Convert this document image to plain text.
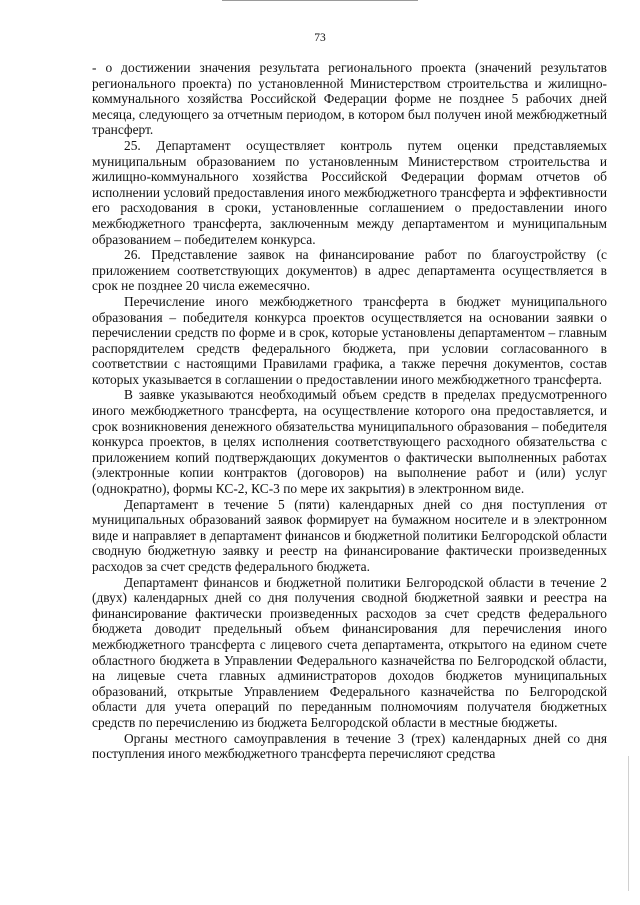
73

- о достижении значения результата регионального проекта (значений результатов регионального проекта) по установленной Министерством строительства и жилищно-коммунального хозяйства Российской Федерации форме не позднее 5 рабочих дней месяца, следующего за отчетным периодом, в котором был получен иной межбюджетный трансферт.

25. Департамент осуществляет контроль путем оценки представляемых муниципальным образованием по установленным Министерством строительства и жилищно-коммунального хозяйства Российской Федерации формам отчетов об исполнении условий предоставления иного межбюджетного трансферта и эффективности его расходования в сроки, установленные соглашением о предоставлении иного межбюджетного трансферта, заключенным между департаментом и муниципальным образованием – победителем конкурса.

26. Представление заявок на финансирование работ по благоустройству (с приложением соответствующих документов) в адрес департамента осуществляется в срок не позднее 20 числа ежемесячно.

Перечисление иного межбюджетного трансферта в бюджет муниципального образования – победителя конкурса проектов осуществляется на основании заявки о перечислении средств по форме и в срок, которые установлены департаментом – главным распорядителем средств федерального бюджета, при условии согласованного в соответствии с настоящими Правилами графика, а также перечня документов, состав которых указывается в соглашении о предоставлении иного межбюджетного трансферта.

В заявке указываются необходимый объем средств в пределах предусмотренного иного межбюджетного трансферта, на осуществление которого она предоставляется, и срок возникновения денежного обязательства муниципального образования – победителя конкурса проектов, в целях исполнения соответствующего расходного обязательства с приложением копий подтверждающих документов о фактически выполненных работах (электронные копии контрактов (договоров) на выполнение работ и (или) услуг (однократно), формы КС-2, КС-3 по мере их закрытия) в электронном виде.

Департамент в течение 5 (пяти) календарных дней со дня поступления от муниципальных образований заявок формирует на бумажном носителе и в электронном виде и направляет в департамент финансов и бюджетной политики Белгородской области сводную бюджетную заявку и реестр на финансирование фактически произведенных расходов за счет средств федерального бюджета.

Департамент финансов и бюджетной политики Белгородской области в течение 2 (двух) календарных дней со дня получения сводной бюджетной заявки и реестра на финансирование фактически произведенных расходов за счет средств федерального бюджета доводит предельный объем финансирования для перечисления иного межбюджетного трансферта с лицевого счета департамента, открытого на едином счете областного бюджета в Управлении Федерального казначейства по Белгородской области, на лицевые счета главных администраторов доходов бюджетов муниципальных образований, открытые Управлением Федерального казначейства по Белгородской области для учета операций по переданным полномочиям получателя бюджетных средств по перечислению из бюджета Белгородской области в местные бюджеты.

Органы местного самоуправления в течение 3 (трех) календарных дней со дня поступления иного межбюджетного трансферта перечисляют средства
